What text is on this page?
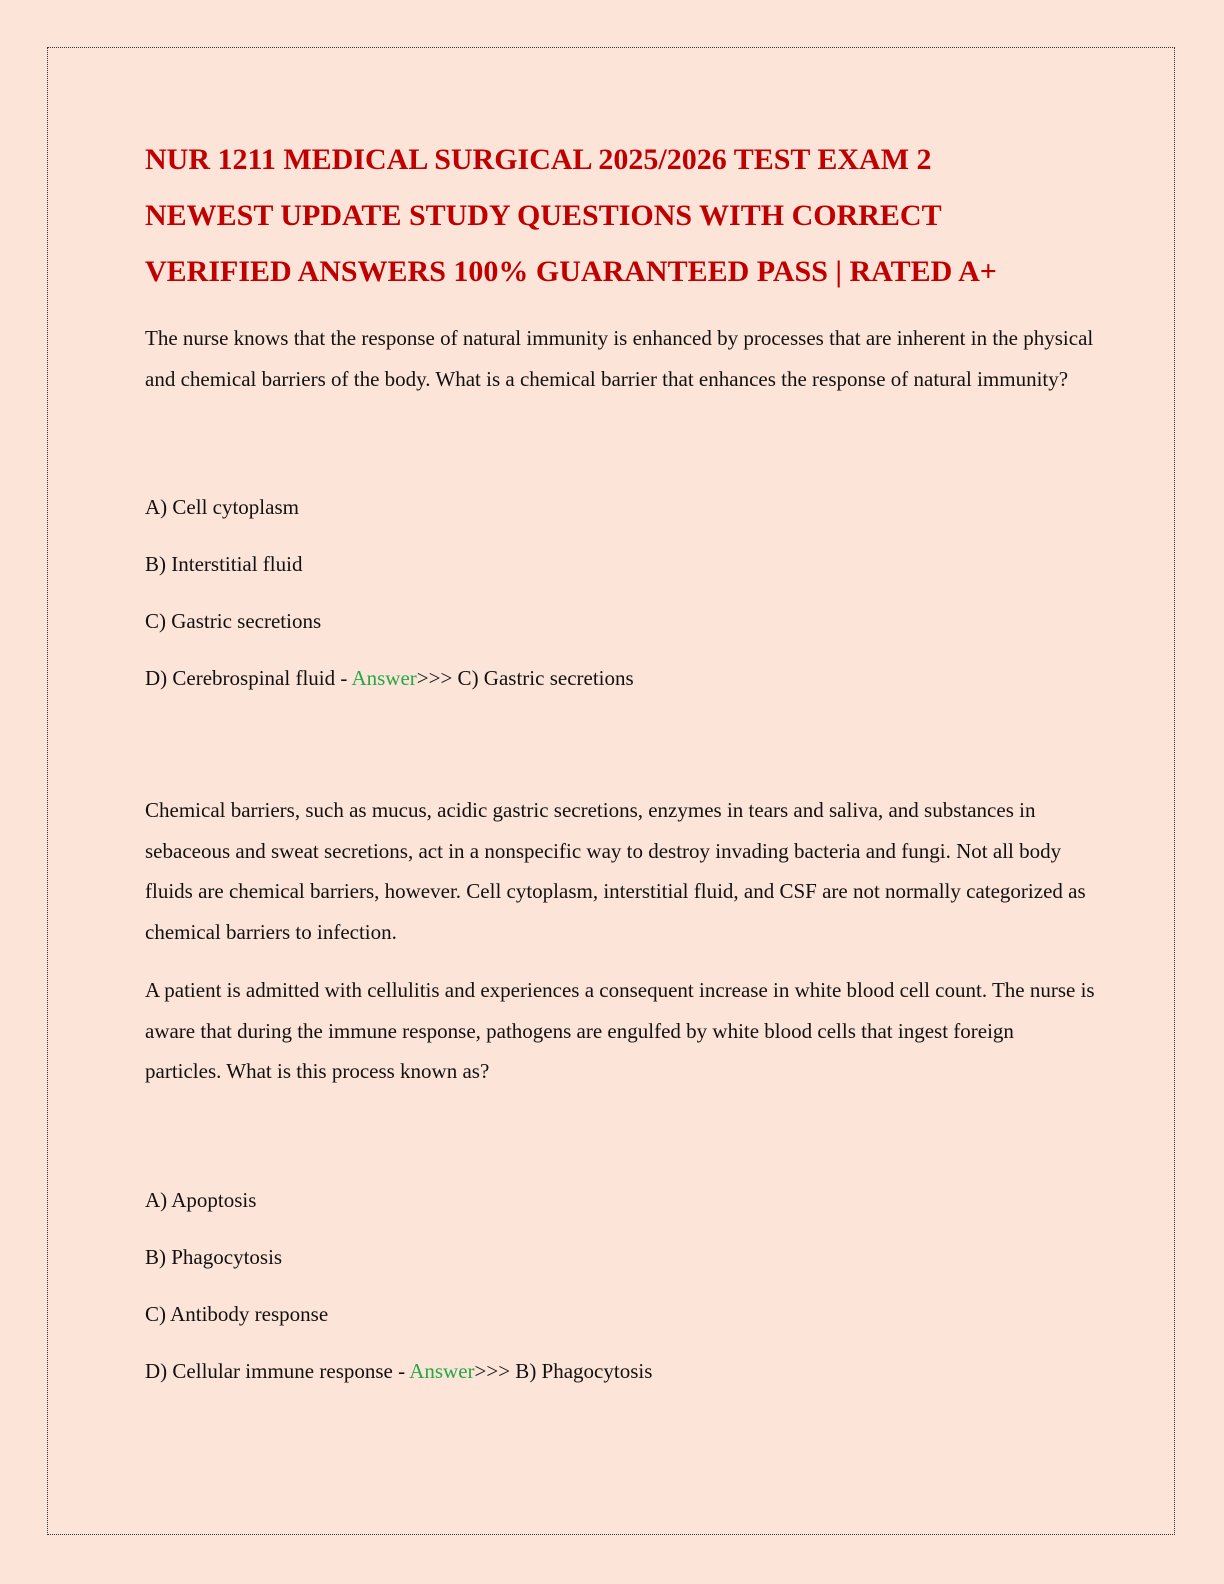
NUR 1211 MEDICAL SURGICAL 2025/2026 TEST EXAM 2
NEWEST UPDATE STUDY QUESTIONS WITH CORRECT
VERIFIED ANSWERS 100% GUARANTEED PASS | RATED A+

The nurse knows that the response of natural immunity is enhanced by processes that are inherent in the physical and chemical barriers of the body. What is a chemical barrier that enhances the response of natural immunity?

A) Cell cytoplasm

B) Interstitial fluid

C) Gastric secretions

D) Cerebrospinal fluid - Answer>>> C) Gastric secretions

Chemical barriers, such as mucus, acidic gastric secretions, enzymes in tears and saliva, and substances in sebaceous and sweat secretions, act in a nonspecific way to destroy invading bacteria and fungi. Not all body fluids are chemical barriers, however. Cell cytoplasm, interstitial fluid, and CSF are not normally categorized as chemical barriers to infection.

A patient is admitted with cellulitis and experiences a consequent increase in white blood cell count. The nurse is aware that during the immune response, pathogens are engulfed by white blood cells that ingest foreign particles. What is this process known as?

A) Apoptosis

B) Phagocytosis

C) Antibody response

D) Cellular immune response - Answer>>> B) Phagocytosis
